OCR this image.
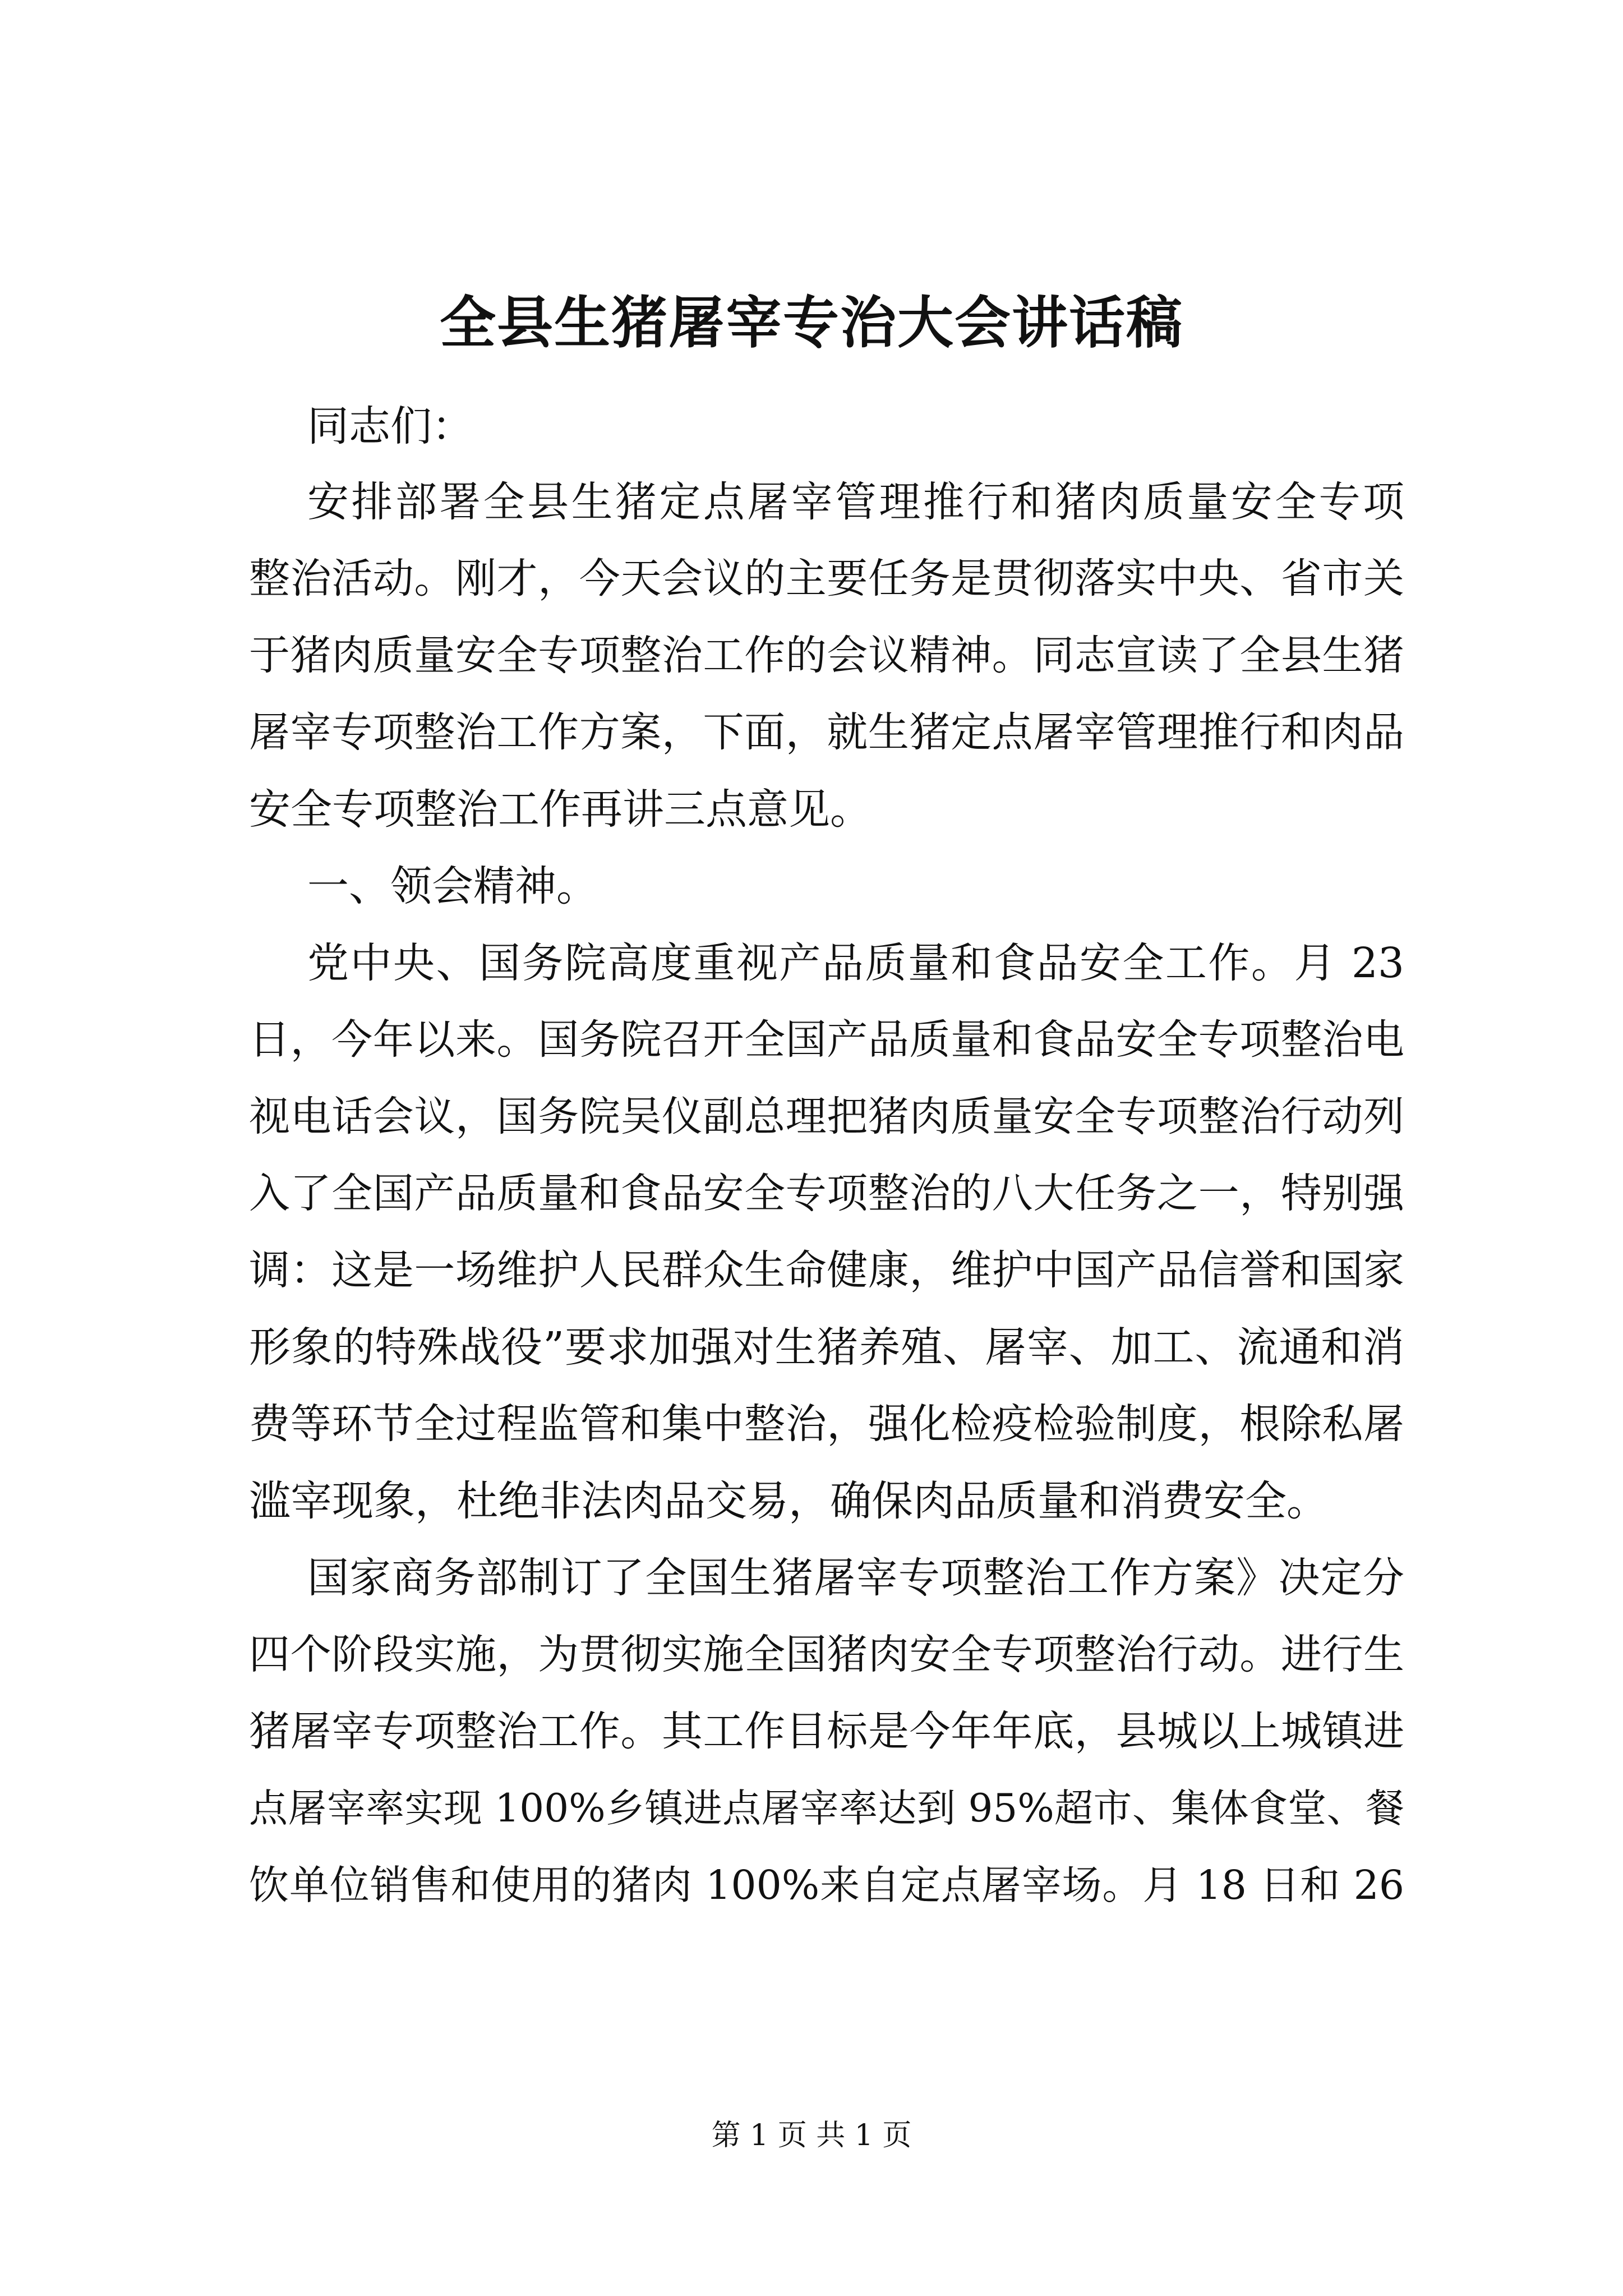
全县生猪屠宰专治大会讲话稿
同志们：
安排部署全县生猪定点屠宰管理推行和猪肉质量安全专项
整治活动。刚才，今天会议的主要任务是贯彻落实中央、省市关
于猪肉质量安全专项整治工作的会议精神。同志宣读了全县生猪
屠宰专项整治工作方案，下面，就生猪定点屠宰管理推行和肉品
安全专项整治工作再讲三点意见。
一、领会精神。
党中央、国务院高度重视产品质量和食品安全工作。月 23
日，今年以来。国务院召开全国产品质量和食品安全专项整治电
视电话会议，国务院吴仪副总理把猪肉质量安全专项整治行动列
入了全国产品质量和食品安全专项整治的八大任务之一，特别强
调：这是一场维护人民群众生命健康，维护中国产品信誉和国家
形象的特殊战役”要求加强对生猪养殖、屠宰、加工、流通和消
费等环节全过程监管和集中整治，强化检疫检验制度，根除私屠
滥宰现象，杜绝非法肉品交易，确保肉品质量和消费安全。
国家商务部制订了全国生猪屠宰专项整治工作方案》决定分
四个阶段实施，为贯彻实施全国猪肉安全专项整治行动。进行生
猪屠宰专项整治工作。其工作目标是今年年底，县城以上城镇进
点屠宰率实现 100%乡镇进点屠宰率达到 95%超市、集体食堂、餐
饮单位销售和使用的猪肉 100%来自定点屠宰场。月 18 日和 26
第 1 页 共 1 页
